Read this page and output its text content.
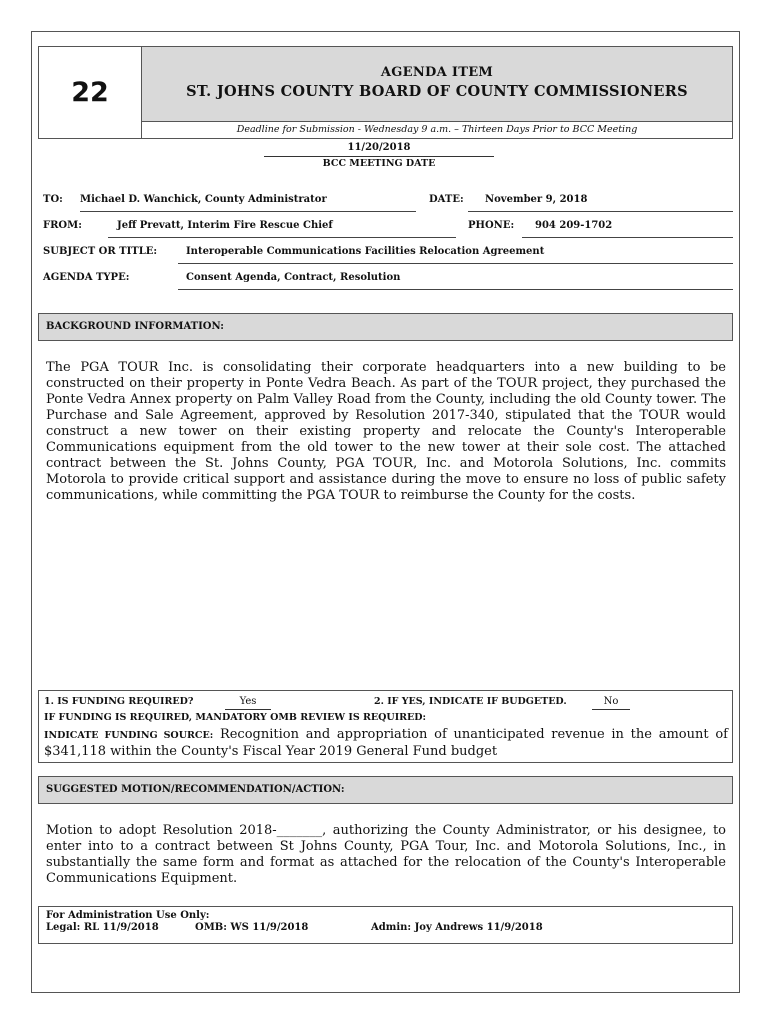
22
AGENDA ITEM
ST. JOHNS COUNTY BOARD OF COUNTY COMMISSIONERS
Deadline for Submission - Wednesday 9 a.m. – Thirteen Days Prior to BCC Meeting
11/20/2018
BCC MEETING DATE
TO: Michael D. Wanchick, County Administrator	DATE: November 9, 2018
FROM:	Jeff Prevatt, Interim Fire Rescue Chief	PHONE: 904 209-1702
SUBJECT OR TITLE:	Interoperable Communications Facilities Relocation Agreement
AGENDA TYPE:	Consent Agenda, Contract, Resolution
BACKGROUND INFORMATION:
The PGA TOUR Inc. is consolidating their corporate headquarters into a new building to be constructed on their property in Ponte Vedra Beach. As part of the TOUR project, they purchased the Ponte Vedra Annex property on Palm Valley Road from the County, including the old County tower. The Purchase and Sale Agreement, approved by Resolution 2017-340, stipulated that the TOUR would construct a new tower on their existing property and relocate the County's Interoperable Communications equipment from the old tower to the new tower at their sole cost. The attached contract between the St. Johns County, PGA TOUR, Inc. and Motorola Solutions, Inc. commits Motorola to provide critical support and assistance during the move to ensure no loss of public safety communications, while committing the PGA TOUR to reimburse the County for the costs.
1. IS FUNDING REQUIRED?	Yes	2. IF YES, INDICATE IF BUDGETED.	No
IF FUNDING IS REQUIRED, MANDATORY OMB REVIEW IS REQUIRED:
INDICATE FUNDING SOURCE: Recognition and appropriation of unanticipated revenue in the amount of $341,118 within the County's Fiscal Year 2019 General Fund budget
SUGGESTED MOTION/RECOMMENDATION/ACTION:
Motion to adopt Resolution 2018-_______, authorizing the County Administrator, or his designee, to enter into to a contract between St Johns County, PGA Tour, Inc. and Motorola Solutions, Inc., in substantially the same form and format as attached for the relocation of the County's Interoperable Communications Equipment.
For Administration Use Only:
Legal: RL 11/9/2018	OMB: WS 11/9/2018	Admin: Joy Andrews 11/9/2018
